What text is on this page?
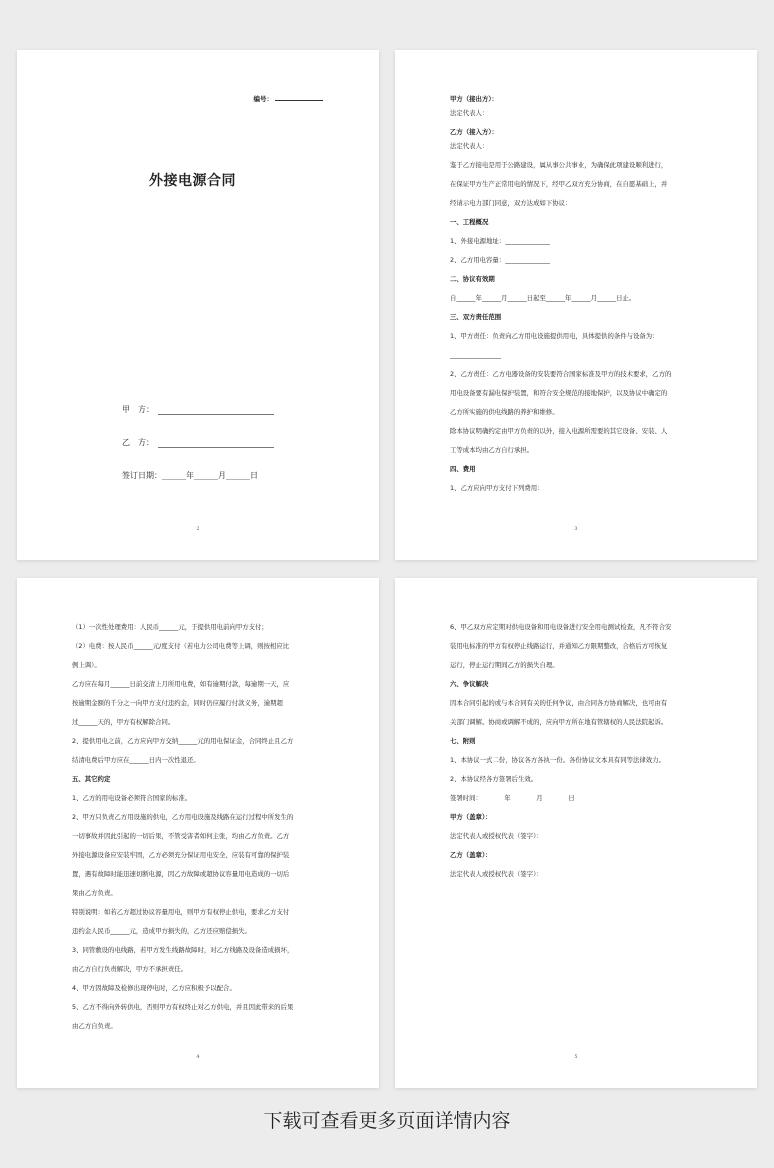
编号：
外接电源合同
甲　方：
乙　方：
签订日期：______年______月______日
2
甲方（接出方）：
法定代表人：
乙方（接入方）：
法定代表人：
鉴于乙方接电是用于公路建设，属从事公共事业，为确保此项建设顺利进行，
在保证甲方生产正常用电的情况下，经甲乙双方充分协商，在自愿基础上，并
经请示电力部门同意，双方达成如下协议：
一、工程概况
1、外接电源地址：______________
2、乙方用电容量：______________
二、协议有效期
自______年______月______日起至______年______月______日止。
三、双方责任范围
1、甲方责任：负责向乙方用电设施提供用电，具体提供的条件与设备为：
________________
2、乙方责任：乙方电器设备的安装要符合国家标准及甲方的技术要求，乙方的
用电设备要有漏电保护装置，和符合安全规范的接地保护，以及协议中确定的
乙方所实施的供电线路的养护和维修。
除本协议明确约定由甲方负责的以外，接入电源所需要的其它设备、安装、人
工等成本均由乙方自行承担。
四、费用
1、乙方应向甲方支付下列费用：
3
（1）一次性处理费用：人民币______元，于提供用电前向甲方支付；
（2）电费：按人民币______元/度支付（若电力公司电费等上调，则按相应比
例上调）。
乙方应在每月______日前交清上月所用电费，如有逾期付款，每逾期一天，应
按逾期金额的千分之一向甲方支付违约金，同时仍应履行付款义务，逾期超
过______天的，甲方有权解除合同。
2、提供用电之前，乙方应向甲方交纳______元的用电保证金，合同终止且乙方
结清电费后甲方应在______日内一次性退还。
五、其它约定
1、乙方的用电设备必须符合国家的标准。
2、甲方只负责乙方用设施的供电，乙方用电设施及线路在运行过程中所发生的
一切事故并因此引起的一切后果，不管受害者如何主张，均由乙方负责。乙方
外接电源设备应安装牢固，乙方必须充分保证用电安全，应装有可靠的保护装
置，遇有故障时能迅速切断电源，因乙方故障或超协议容量用电造成的一切后
果由乙方负责。
特别说明：如若乙方超过协议容量用电，则甲方有权停止供电，要求乙方支付
违约金人民币______元，造成甲方损失的，乙方还应赔偿损失。
3、同管敷设的电线路，若甲方发生线路故障时，对乙方线路及设备造成损坏，
由乙方自行负责解决，甲方不承担责任。
4、甲方因故障及检修出现停电时，乙方应积极予以配合。
5、乙方不得向外转供电，否则甲方有权终止对乙方供电，并且因此带来的后果
由乙方自负责。
4
6、甲乙双方应定期对供电设备和用电设备进行安全用电测试检查，凡不符合安
装用电标准的甲方有权停止线路运行，并通知乙方限期整改，合格后方可恢复
运行，停止运行期间乙方的损失自理。
六、争议解决
因本合同引起的或与本合同有关的任何争议，由合同各方协商解决，也可由有
关部门调解。协商或调解不成的，应向甲方所在地有管辖权的人民法院起诉。
七、附则
1、本协议一式二份，协议各方各执一份。各份协议文本具有同等法律效力。
2、本协议经各方签署后生效。
签署时间：　　　　年　　　　月　　　　日
甲方（盖章）：
法定代表人或授权代表（签字）：
乙方（盖章）：
法定代表人或授权代表（签字）：
5
下载可查看更多页面详情内容
